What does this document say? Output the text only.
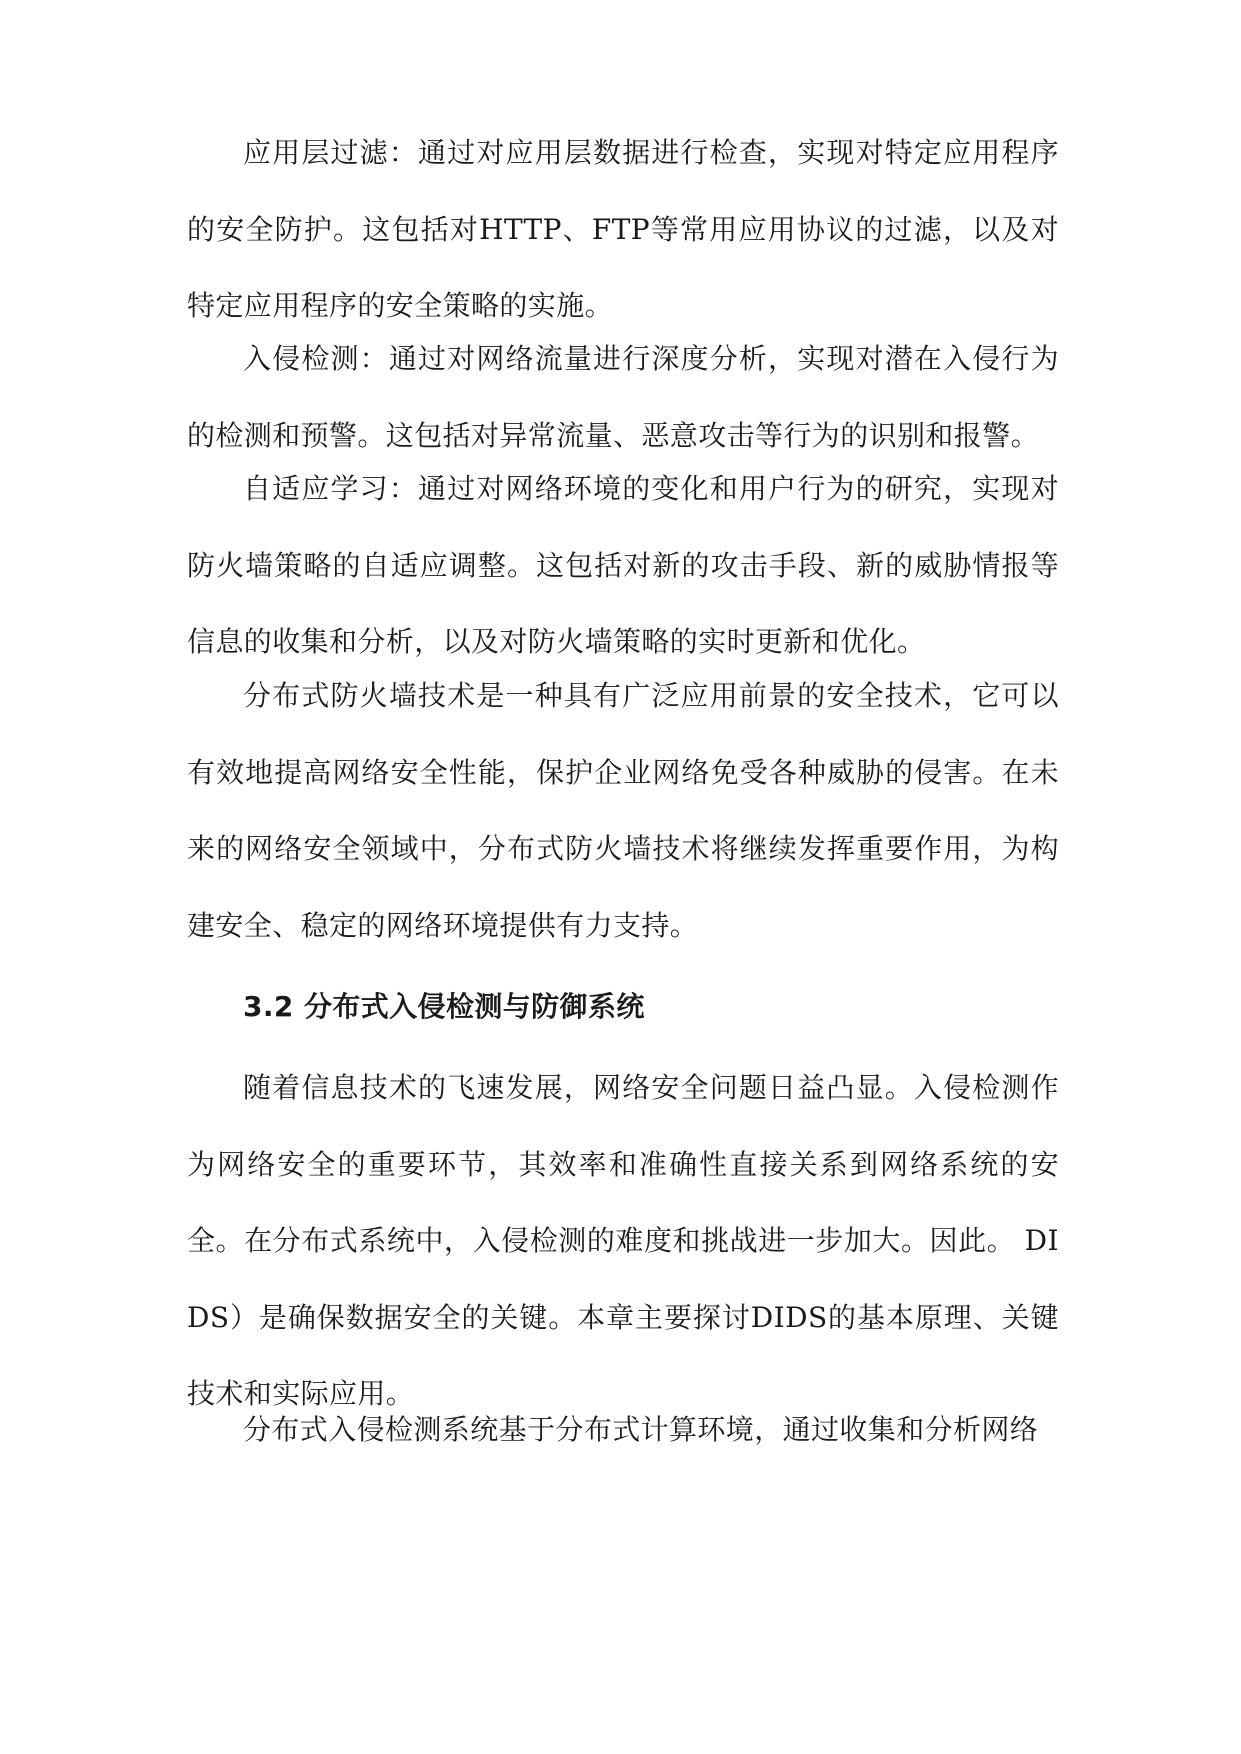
应用层过滤：通过对应用层数据进行检查，实现对特定应用程序的安全防护。这包括对HTTP、FTP等常用应用协议的过滤，以及对特定应用程序的安全策略的实施。

入侵检测：通过对网络流量进行深度分析，实现对潜在入侵行为的检测和预警。这包括对异常流量、恶意攻击等行为的识别和报警。

自适应学习：通过对网络环境的变化和用户行为的研究，实现对防火墙策略的自适应调整。这包括对新的攻击手段、新的威胁情报等信息的收集和分析，以及对防火墙策略的实时更新和优化。

分布式防火墙技术是一种具有广泛应用前景的安全技术，它可以有效地提高网络安全性能，保护企业网络免受各种威胁的侵害。在未来的网络安全领域中，分布式防火墙技术将继续发挥重要作用，为构建安全、稳定的网络环境提供有力支持。

3.2 分布式入侵检测与防御系统

随着信息技术的飞速发展，网络安全问题日益凸显。入侵检测作为网络安全的重要环节，其效率和准确性直接关系到网络系统的安全。在分布式系统中，入侵检测的难度和挑战进一步加大。因此。 DIDS）是确保数据安全的关键。本章主要探讨DIDS的基本原理、关键技术和实际应用。

分布式入侵检测系统基于分布式计算环境，通过收集和分析网络
